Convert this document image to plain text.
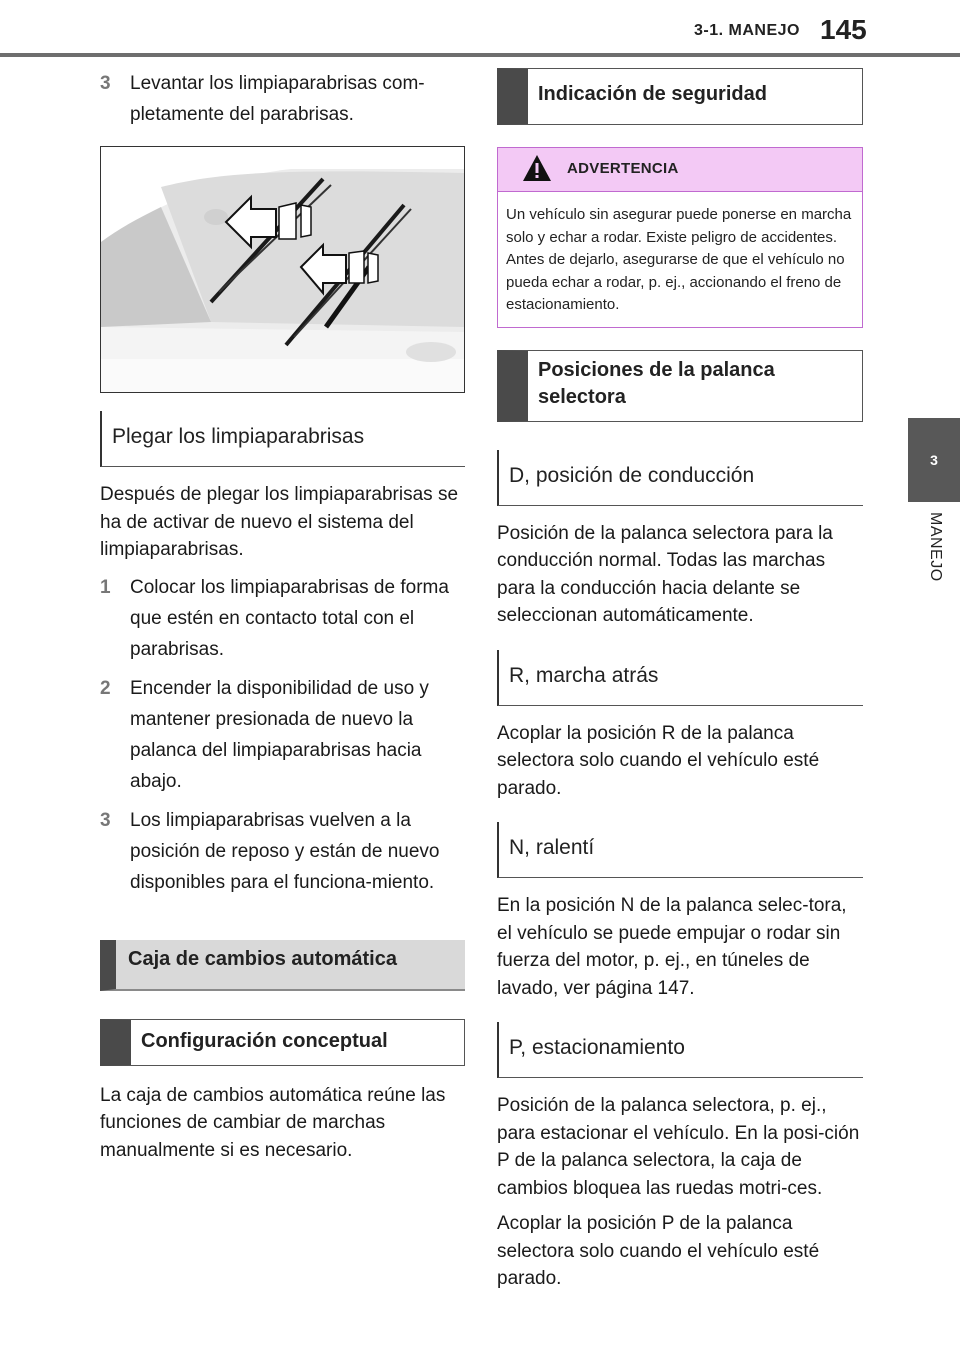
3-1. MANEJO 145
3
MANEJO
3	Levantar los limpiaparabrisas com-pletamente del parabrisas.
Plegar los limpiaparabrisas
Después de plegar los limpiaparabrisas se ha de activar de nuevo el sistema del limpiaparabrisas.
1	Colocar los limpiaparabrisas de forma que estén en contacto total con el parabrisas.
2	Encender la disponibilidad de uso y mantener presionada de nuevo la palanca del limpiaparabrisas hacia abajo.
3	Los limpiaparabrisas vuelven a la posición de reposo y están de nuevo disponibles para el funciona-miento.
Caja de cambios automática
Configuración conceptual
La caja de cambios automática reúne las funciones de cambiar de marchas manualmente si es necesario.
Indicación de seguridad
ADVERTENCIA
Un vehículo sin asegurar puede ponerse en marcha solo y echar a rodar. Existe peligro de accidentes. Antes de dejarlo, asegurarse de que el vehículo no pueda echar a rodar, p. ej., accionando el freno de estacionamiento.
Posiciones de la palanca selectora
D, posición de conducción
Posición de la palanca selectora para la conducción normal. Todas las marchas para la conducción hacia delante se seleccionan automáticamente.
R, marcha atrás
Acoplar la posición R de la palanca selectora solo cuando el vehículo esté parado.
N, ralentí
En la posición N de la palanca selec-tora, el vehículo se puede empujar o rodar sin fuerza del motor, p. ej., en túneles de lavado, ver página 147.
P, estacionamiento
Posición de la palanca selectora, p. ej., para estacionar el vehículo. En la posi-ción P de la palanca selectora, la caja de cambios bloquea las ruedas motri-ces.
Acoplar la posición P de la palanca selectora solo cuando el vehículo esté parado.
